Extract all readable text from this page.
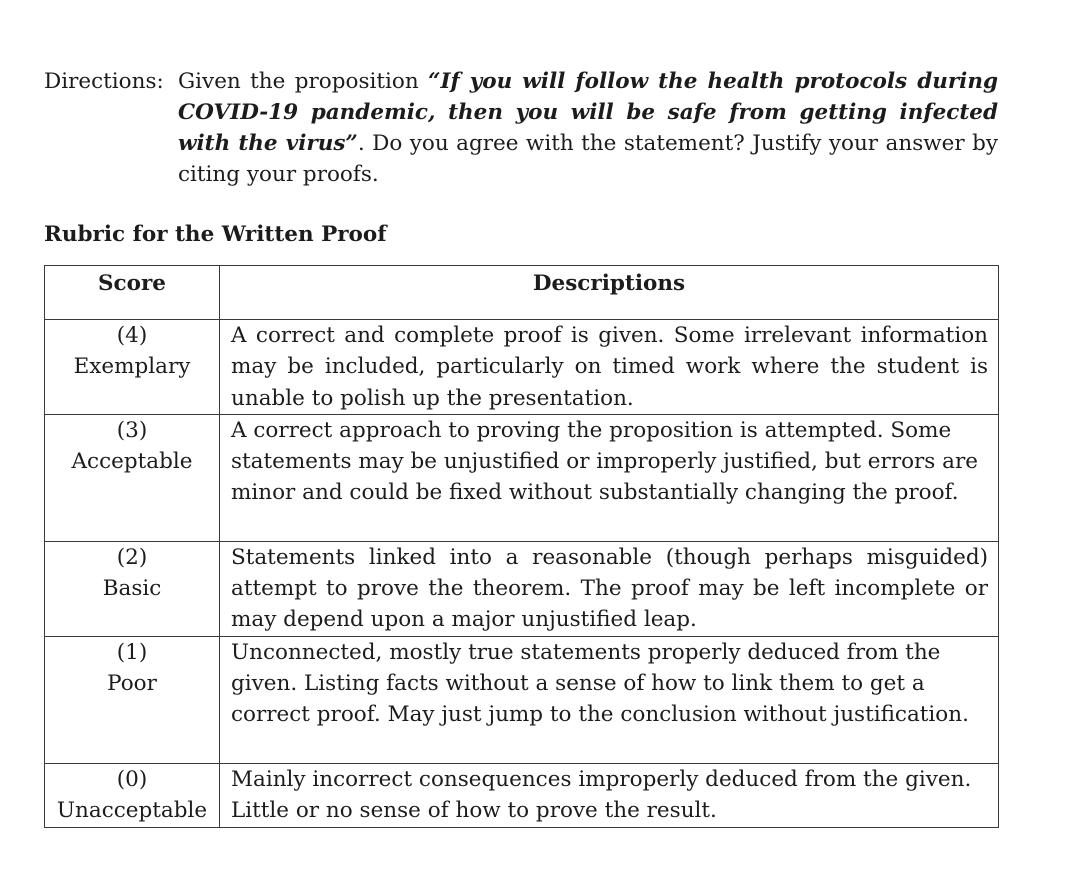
Directions: Given the proposition “If you will follow the health protocols during COVID-19 pandemic, then you will be safe from getting infected with the virus”. Do you agree with the statement? Justify your answer by citing your proofs.
Rubric for the Written Proof
Score	Descriptions

(4)
Exemplary	A correct and complete proof is given. Some irrelevant information may be included, particularly on timed work where the student is unable to polish up the presentation.

(3)
Acceptable	A correct approach to proving the proposition is attempted. Some statements may be unjustified or improperly justified, but errors are minor and could be fixed without substantially changing the proof.

(2)
Basic	Statements linked into a reasonable (though perhaps misguided) attempt to prove the theorem. The proof may be left incomplete or may depend upon a major unjustified leap.

(1)
Poor	Unconnected, mostly true statements properly deduced from the given. Listing facts without a sense of how to link them to get a correct proof. May just jump to the conclusion without justification.

(0)
Unacceptable	Mainly incorrect consequences improperly deduced from the given. Little or no sense of how to prove the result.
